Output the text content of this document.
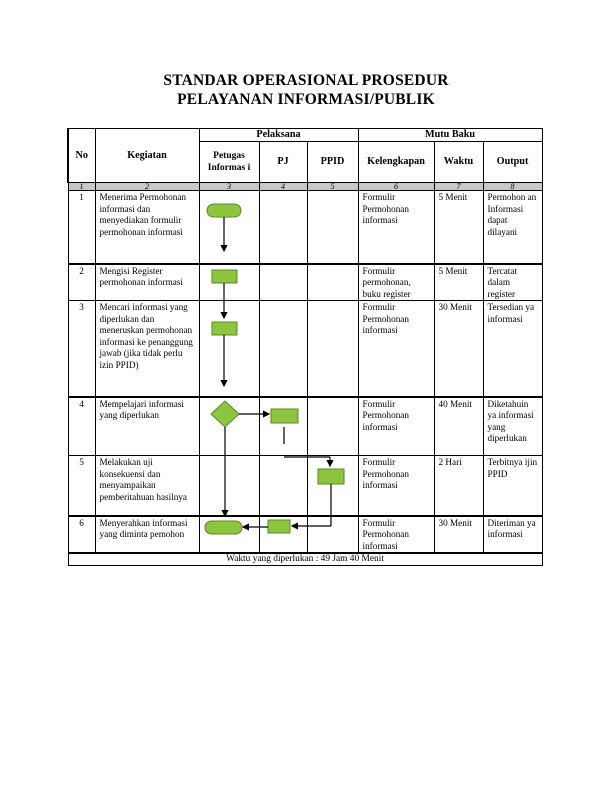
STANDAR OPERASIONAL PROSEDUR
PELAYANAN INFORMASI/PUBLIK
No	Kegiatan	Pelaksana			Mutu Baku		
		Petugas Informas i	PJ	PPID	Kelengkapan	Waktu	Output
1	2	3	4	5	6	7	8
1	Menerima Permohonan informasi dan menyediakan formulir permohonan informasi				Formulir Permohonan informasi	5 Menit	Permohon an Informasi dapat dilayani
2	Mengisi Register permohonan informasi				Formulir permohonan, buku register	5 Menit	Tercatat dalam register
3	Mencari informasi yang diperlukan dan meneruskan permohonan informasi ke penanggung jawab (jika tidak perlu izin PPID)				Formulir Permohonan informasi	30 Menit	Tersedian ya informasi
4	Mempelajari informasi yang diperlukan				Formulir Permohonan informasi	40 Menit	Diketahuin ya informasi yang diperlukan
5	Melakukan uji konsekuensi dan menyampaikan pemberitahuan hasilnya				Formulir Permohonan informasi	2 Hari	Terbitnya ijin PPID
6	Menyerahkan informasi yang diminta pemohon				Formulir Permohonan informasi	30 Menit	Diteriman ya informasi
Waktu yang diperlukan : 49 Jam 40 Menit							
